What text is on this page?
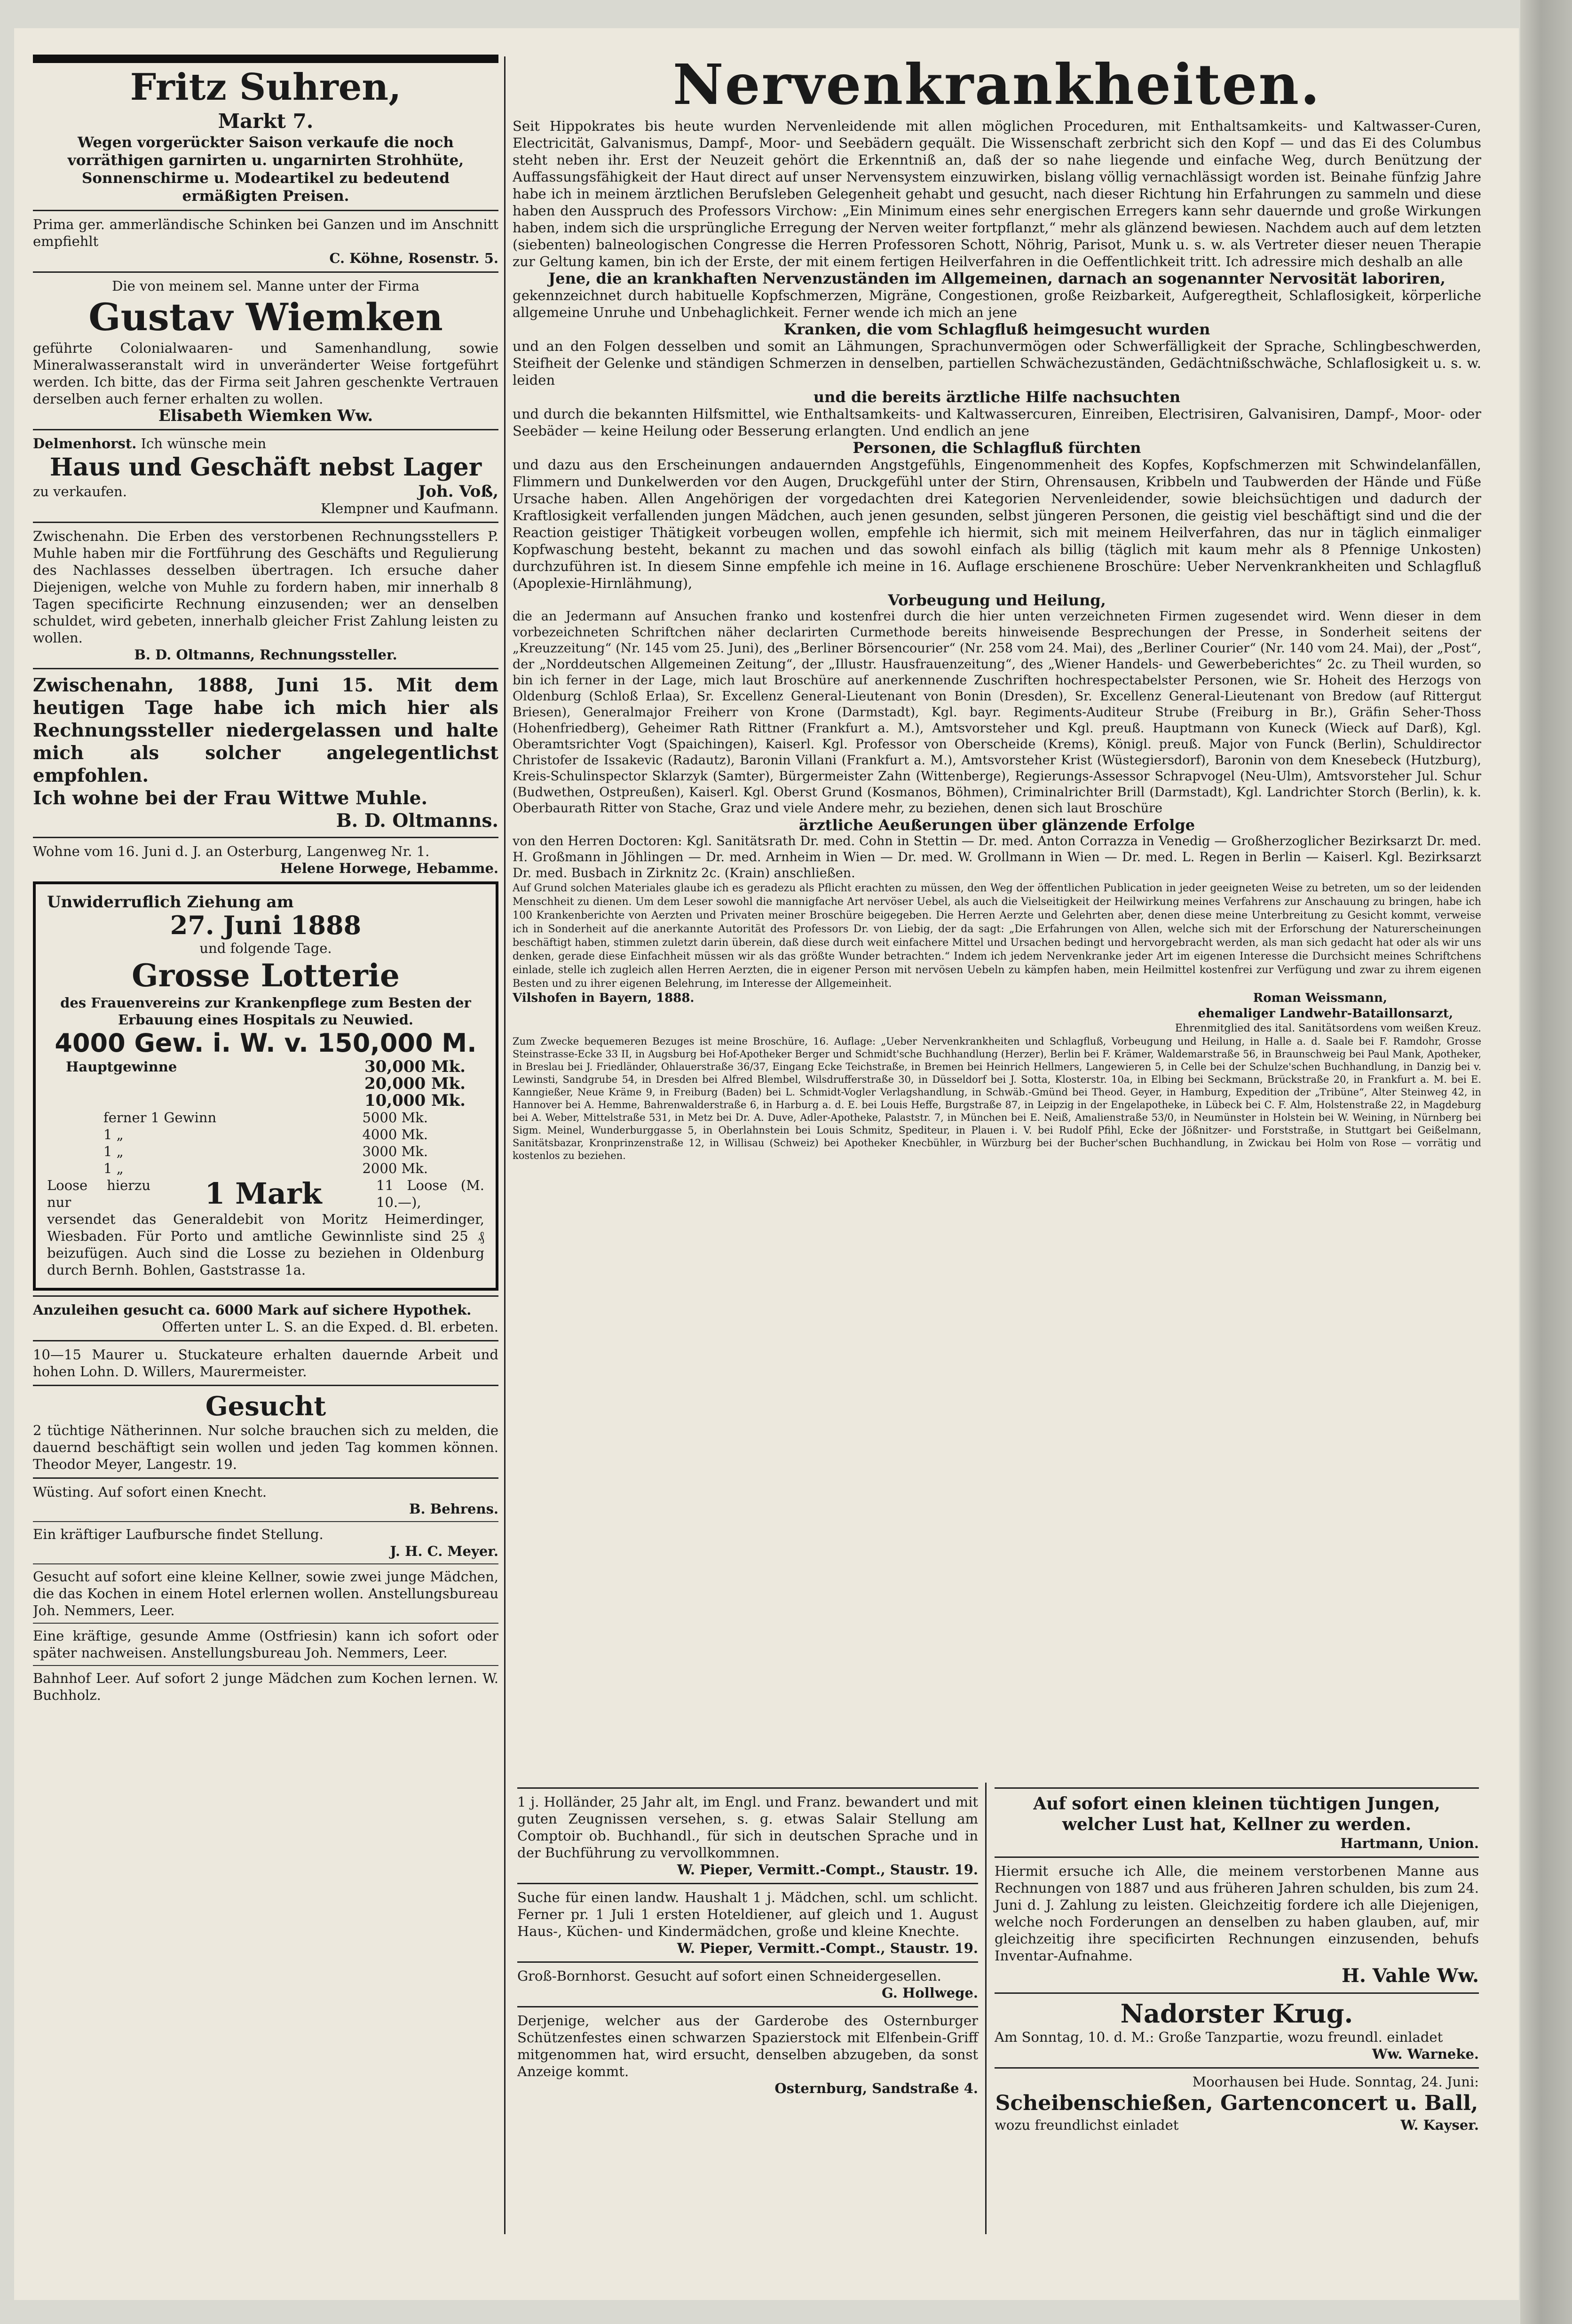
Fritz Suhren,

Markt 7.

Wegen vorgerückter Saison verkaufe die noch vorräthigen garnirten u. ungarnirten Strohhüte, Sonnenschirme u. Modeartikel zu bedeutend ermäßigten Preisen.

Prima ger. ammerländische Schinken bei Ganzen und im Anschnitt empfiehlt

C. Köhne, Rosenstr. 5.

Die von meinem sel. Manne unter der Firma

Gustav Wiemken

geführte Colonialwaaren- und Samenhandlung, sowie Mineralwasseranstalt wird in unveränderter Weise fortgeführt werden. Ich bitte, das der Firma seit Jahren geschenkte Vertrauen derselben auch ferner erhalten zu wollen.

Elisabeth Wiemken Ww.

Delmenhorst. Ich wünsche mein

Haus und Geschäft nebst Lager

zu verkaufen.	Joh. Voß,

Klempner und Kaufmann.

Zwischenahn. Die Erben des verstorbenen Rechnungsstellers P. Muhle haben mir die Fortführung des Geschäfts und Regulierung des Nachlasses desselben übertragen. Ich ersuche daher Diejenigen, welche von Muhle zu fordern haben, mir innerhalb 8 Tagen specificirte Rechnung einzusenden; wer an denselben schuldet, wird gebeten, innerhalb gleicher Frist Zahlung leisten zu wollen.

B. D. Oltmanns, Rechnungssteller.

Zwischenahn, 1888, Juni 15. Mit dem heutigen Tage habe ich mich hier als Rechnungssteller niedergelassen und halte mich als solcher angelegentlichst empfohlen.

Ich wohne bei der Frau Wittwe Muhle.

B. D. Oltmanns.

Wohne vom 16. Juni d. J. an Osterburg, Langenweg Nr. 1.

Helene Horwege, Hebamme.

Unwiderruflich Ziehung am

27. Juni 1888

und folgende Tage.

Grosse Lotterie

des Frauenvereins zur Krankenpflege zum Besten der Erbauung eines Hospitals zu Neuwied.

4000 Gew. i. W. v. 150,000 M.

Hauptgewinne	30,000 Mk.

20,000 Mk.

10,000 Mk.

ferner 1 Gewinn	5000 Mk.

1 „	4000 Mk.

1 „	3000 Mk.

1 „	2000 Mk.

Loose hierzu nur	1 Mark	11 Loose (M. 10.—),

versendet das Generaldebit von Moritz Heimerdinger, Wiesbaden. Für Porto und amtliche Gewinnliste sind 25 ₰ beizufügen. Auch sind die Losse zu beziehen in Oldenburg durch Bernh. Bohlen, Gaststrasse 1a.

Anzuleihen gesucht ca. 6000 Mark auf sichere Hypothek.

Offerten unter L. S. an die Exped. d. Bl. erbeten.

10—15 Maurer u. Stuckateure erhalten dauernde Arbeit und hohen Lohn. D. Willers, Maurermeister.

Gesucht

2 tüchtige Nätherinnen. Nur solche brauchen sich zu melden, die dauernd beschäftigt sein wollen und jeden Tag kommen können. Theodor Meyer, Langestr. 19.

Wüsting. Auf sofort einen Knecht.

B. Behrens.

Ein kräftiger Laufbursche findet Stellung.

J. H. C. Meyer.

Gesucht auf sofort eine kleine Kellner, sowie zwei junge Mädchen, die das Kochen in einem Hotel erlernen wollen. Anstellungsbureau Joh. Nemmers, Leer.

Eine kräftige, gesunde Amme (Ostfriesin) kann ich sofort oder später nachweisen. Anstellungsbureau Joh. Nemmers, Leer.

Bahnhof Leer. Auf sofort 2 junge Mädchen zum Kochen lernen. W. Buchholz.

Nervenkrankheiten.

Seit Hippokrates bis heute wurden Nervenleidende mit allen möglichen Proceduren, mit Enthaltsamkeits- und Kaltwasser-Curen, Electricität, Galvanismus, Dampf-, Moor- und Seebädern gequält. Die Wissenschaft zerbricht sich den Kopf — und das Ei des Columbus steht neben ihr. Erst der Neuzeit gehört die Erkenntniß an, daß der so nahe liegende und einfache Weg, durch Benützung der Auffassungsfähigkeit der Haut direct auf unser Nervensystem einzuwirken, bislang völlig vernachlässigt worden ist. Beinahe fünfzig Jahre habe ich in meinem ärztlichen Berufsleben Gelegenheit gehabt und gesucht, nach dieser Richtung hin Erfahrungen zu sammeln und diese haben den Ausspruch des Professors Virchow: „Ein Minimum eines sehr energischen Erregers kann sehr dauernde und große Wirkungen haben, indem sich die ursprüngliche Erregung der Nerven weiter fortpflanzt,“ mehr als glänzend bewiesen. Nachdem auch auf dem letzten (siebenten) balneologischen Congresse die Herren Professoren Schott, Nöhrig, Parisot, Munk u. s. w. als Vertreter dieser neuen Therapie zur Geltung kamen, bin ich der Erste, der mit einem fertigen Heilverfahren in die Oeffentlichkeit tritt. Ich adressire mich deshalb an alle

Jene, die an krankhaften Nervenzuständen im Allgemeinen, darnach an sogenannter Nervosität laboriren,

gekennzeichnet durch habituelle Kopfschmerzen, Migräne, Congestionen, große Reizbarkeit, Aufgeregtheit, Schlaflosigkeit, körperliche allgemeine Unruhe und Unbehaglichkeit. Ferner wende ich mich an jene

Kranken, die vom Schlagfluß heimgesucht wurden

und an den Folgen desselben und somit an Lähmungen, Sprachunvermögen oder Schwerfälligkeit der Sprache, Schlingbeschwerden, Steifheit der Gelenke und ständigen Schmerzen in denselben, partiellen Schwächezuständen, Gedächtnißschwäche, Schlaflosigkeit u. s. w. leiden

und die bereits ärztliche Hilfe nachsuchten

und durch die bekannten Hilfsmittel, wie Enthaltsamkeits- und Kaltwassercuren, Einreiben, Electrisiren, Galvanisiren, Dampf-, Moor- oder Seebäder — keine Heilung oder Besserung erlangten. Und endlich an jene

Personen, die Schlagfluß fürchten

und dazu aus den Erscheinungen andauernden Angstgefühls, Eingenommenheit des Kopfes, Kopfschmerzen mit Schwindelanfällen, Flimmern und Dunkelwerden vor den Augen, Druckgefühl unter der Stirn, Ohrensausen, Kribbeln und Taubwerden der Hände und Füße Ursache haben. Allen Angehörigen der vorgedachten drei Kategorien Nervenleidender, sowie bleichsüchtigen und dadurch der Kraftlosigkeit verfallenden jungen Mädchen, auch jenen gesunden, selbst jüngeren Personen, die geistig viel beschäftigt sind und die der Reaction geistiger Thätigkeit vorbeugen wollen, empfehle ich hiermit, sich mit meinem Heilverfahren, das nur in täglich einmaliger Kopfwaschung besteht, bekannt zu machen und das sowohl einfach als billig (täglich mit kaum mehr als 8 Pfennige Unkosten) durchzuführen ist. In diesem Sinne empfehle ich meine in 16. Auflage erschienene Broschüre: Ueber Nervenkrankheiten und Schlagfluß (Apoplexie-Hirnlähmung),

Vorbeugung und Heilung,

die an Jedermann auf Ansuchen franko und kostenfrei durch die hier unten verzeichneten Firmen zugesendet wird. Wenn dieser in dem vorbezeichneten Schriftchen näher declarirten Curmethode bereits hinweisende Besprechungen der Presse, in Sonderheit seitens der „Kreuzzeitung“ (Nr. 145 vom 25. Juni), des „Berliner Börsencourier“ (Nr. 258 vom 24. Mai), des „Berliner Courier“ (Nr. 140 vom 24. Mai), der „Post“, der „Norddeutschen Allgemeinen Zeitung“, der „Illustr. Hausfrauenzeitung“, des „Wiener Handels- und Gewerbeberichtes“ 2c. zu Theil wurden, so bin ich ferner in der Lage, mich laut Broschüre auf anerkennende Zuschriften hochrespectabelster Personen, wie Sr. Hoheit des Herzogs von Oldenburg (Schloß Erlaa), Sr. Excellenz General-Lieutenant von Bonin (Dresden), Sr. Excellenz General-Lieutenant von Bredow (auf Rittergut Briesen), Generalmajor Freiherr von Krone (Darmstadt), Kgl. bayr. Regiments-Auditeur Strube (Freiburg in Br.), Gräfin Seher-Thoss (Hohenfriedberg), Geheimer Rath Rittner (Frankfurt a. M.), Amtsvorsteher und Kgl. preuß. Hauptmann von Kuneck (Wieck auf Darß), Kgl. Oberamtsrichter Vogt (Spaichingen), Kaiserl. Kgl. Professor von Oberscheide (Krems), Königl. preuß. Major von Funck (Berlin), Schuldirector Christofer de Issakevic (Radautz), Baronin Villani (Frankfurt a. M.), Amtsvorsteher Krist (Wüstegiersdorf), Baronin von dem Knesebeck (Hutzburg), Kreis-Schulinspector Sklarzyk (Samter), Bürgermeister Zahn (Wittenberge), Regierungs-Assessor Schrapvogel (Neu-Ulm), Amtsvorsteher Jul. Schur (Budwethen, Ostpreußen), Kaiserl. Kgl. Oberst Grund (Kosmanos, Böhmen), Criminalrichter Brill (Darmstadt), Kgl. Landrichter Storch (Berlin), k. k. Oberbaurath Ritter von Stache, Graz und viele Andere mehr, zu beziehen, denen sich laut Broschüre

ärztliche Aeußerungen über glänzende Erfolge

von den Herren Doctoren: Kgl. Sanitätsrath Dr. med. Cohn in Stettin — Dr. med. Anton Corrazza in Venedig — Großherzoglicher Bezirksarzt Dr. med. H. Großmann in Jöhlingen — Dr. med. Arnheim in Wien — Dr. med. W. Grollmann in Wien — Dr. med. L. Regen in Berlin — Kaiserl. Kgl. Bezirksarzt Dr. med. Busbach in Zirknitz 2c. (Krain) anschließen.

Auf Grund solchen Materiales glaube ich es geradezu als Pflicht erachten zu müssen, den Weg der öffentlichen Publication in jeder geeigneten Weise zu betreten, um so der leidenden Menschheit zu dienen. Um dem Leser sowohl die mannigfache Art nervöser Uebel, als auch die Vielseitigkeit der Heilwirkung meines Verfahrens zur Anschauung zu bringen, habe ich 100 Krankenberichte von Aerzten und Privaten meiner Broschüre beigegeben. Die Herren Aerzte und Gelehrten aber, denen diese meine Unterbreitung zu Gesicht kommt, verweise ich in Sonderheit auf die anerkannte Autorität des Professors Dr. von Liebig, der da sagt: „Die Erfahrungen von Allen, welche sich mit der Erforschung der Naturerscheinungen beschäftigt haben, stimmen zuletzt darin überein, daß diese durch weit einfachere Mittel und Ursachen bedingt und hervorgebracht werden, als man sich gedacht hat oder als wir uns denken, gerade diese Einfachheit müssen wir als das größte Wunder betrachten.“ Indem ich jedem Nervenkranke jeder Art im eigenen Interesse die Durchsicht meines Schriftchens einlade, stelle ich zugleich allen Herren Aerzten, die in eigener Person mit nervösen Uebeln zu kämpfen haben, mein Heilmittel kostenfrei zur Verfügung und zwar zu ihrem eigenen Besten und zu ihrer eigenen Belehrung, im Interesse der Allgemeinheit.

Vilshofen in Bayern, 1888.	Roman Weissmann,

ehemaliger Landwehr-Bataillonsarzt,

Ehrenmitglied des ital. Sanitätsordens vom weißen Kreuz.

Zum Zwecke bequemeren Bezuges ist meine Broschüre, 16. Auflage: „Ueber Nervenkrankheiten und Schlagfluß, Vorbeugung und Heilung, in Halle a. d. Saale bei F. Ramdohr, Grosse Steinstrasse-Ecke 33 II, in Augsburg bei Hof-Apotheker Berger und Schmidt'sche Buchhandlung (Herzer), Berlin bei F. Krämer, Waldemarstraße 56, in Braunschweig bei Paul Mank, Apotheker, in Breslau bei J. Friedländer, Ohlauerstraße 36/37, Eingang Ecke Teichstraße, in Bremen bei Heinrich Hellmers, Langewieren 5, in Celle bei der Schulze'schen Buchhandlung, in Danzig bei v. Lewinsti, Sandgrube 54, in Dresden bei Alfred Blembel, Wilsdrufferstraße 30, in Düsseldorf bei J. Sotta, Klosterstr. 10a, in Elbing bei Seckmann, Brückstraße 20, in Frankfurt a. M. bei E. Kanngießer, Neue Kräme 9, in Freiburg (Baden) bei L. Schmidt-Vogler Verlagshandlung, in Schwäb.-Gmünd bei Theod. Geyer, in Hamburg, Expedition der „Tribüne“, Alter Steinweg 42, in Hannover bei A. Hemme, Bahrenwalderstraße 6, in Harburg a. d. E. bei Louis Heffe, Burgstraße 87, in Leipzig in der Engelapotheke, in Lübeck bei C. F. Alm, Holstenstraße 22, in Magdeburg bei A. Weber, Mittelstraße 531, in Metz bei Dr. A. Duve, Adler-Apotheke, Palaststr. 7, in München bei E. Neiß, Amalienstraße 53/0, in Neumünster in Holstein bei W. Weining, in Nürnberg bei Sigm. Meinel, Wunderburggasse 5, in Oberlahnstein bei Louis Schmitz, Spediteur, in Plauen i. V. bei Rudolf Pfihl, Ecke der Jößnitzer- und Forststraße, in Stuttgart bei Geißelmann, Sanitätsbazar, Kronprinzenstraße 12, in Willisau (Schweiz) bei Apotheker Knecbühler, in Würzburg bei der Bucher'schen Buchhandlung, in Zwickau bei Holm von Rose — vorrätig und kostenlos zu beziehen.

1 j. Holländer, 25 Jahr alt, im Engl. und Franz. bewandert und mit guten Zeugnissen versehen, s. g. etwas Salair Stellung am Comptoir ob. Buchhandl., für sich in deutschen Sprache und in der Buchführung zu vervollkommnen.

W. Pieper, Vermitt.-Compt., Staustr. 19.

Suche für einen landw. Haushalt 1 j. Mädchen, schl. um schlicht. Ferner pr. 1 Juli 1 ersten Hoteldiener, auf gleich und 1. August Haus-, Küchen- und Kindermädchen, große und kleine Knechte.

W. Pieper, Vermitt.-Compt., Staustr. 19.

Groß-Bornhorst. Gesucht auf sofort einen Schneidergesellen.

G. Hollwege.

Derjenige, welcher aus der Garderobe des Osternburger Schützenfestes einen schwarzen Spazierstock mit Elfenbein-Griff mitgenommen hat, wird ersucht, denselben abzugeben, da sonst Anzeige kommt.

Osternburg, Sandstraße 4.

Auf sofort einen kleinen tüchtigen Jungen, welcher Lust hat, Kellner zu werden.

Hartmann, Union.

Hiermit ersuche ich Alle, die meinem verstorbenen Manne aus Rechnungen von 1887 und aus früheren Jahren schulden, bis zum 24. Juni d. J. Zahlung zu leisten. Gleichzeitig fordere ich alle Diejenigen, welche noch Forderungen an denselben zu haben glauben, auf, mir gleichzeitig ihre specificirten Rechnungen einzusenden, behufs Inventar-Aufnahme.

H. Vahle Ww.

Nadorster Krug.

Am Sonntag, 10. d. M.: Große Tanzpartie, wozu freundl. einladet

Ww. Warneke.

Moorhausen bei Hude. Sonntag, 24. Juni:

Scheibenschießen, Gartenconcert u. Ball,

wozu freundlichst einladet	W. Kayser.
